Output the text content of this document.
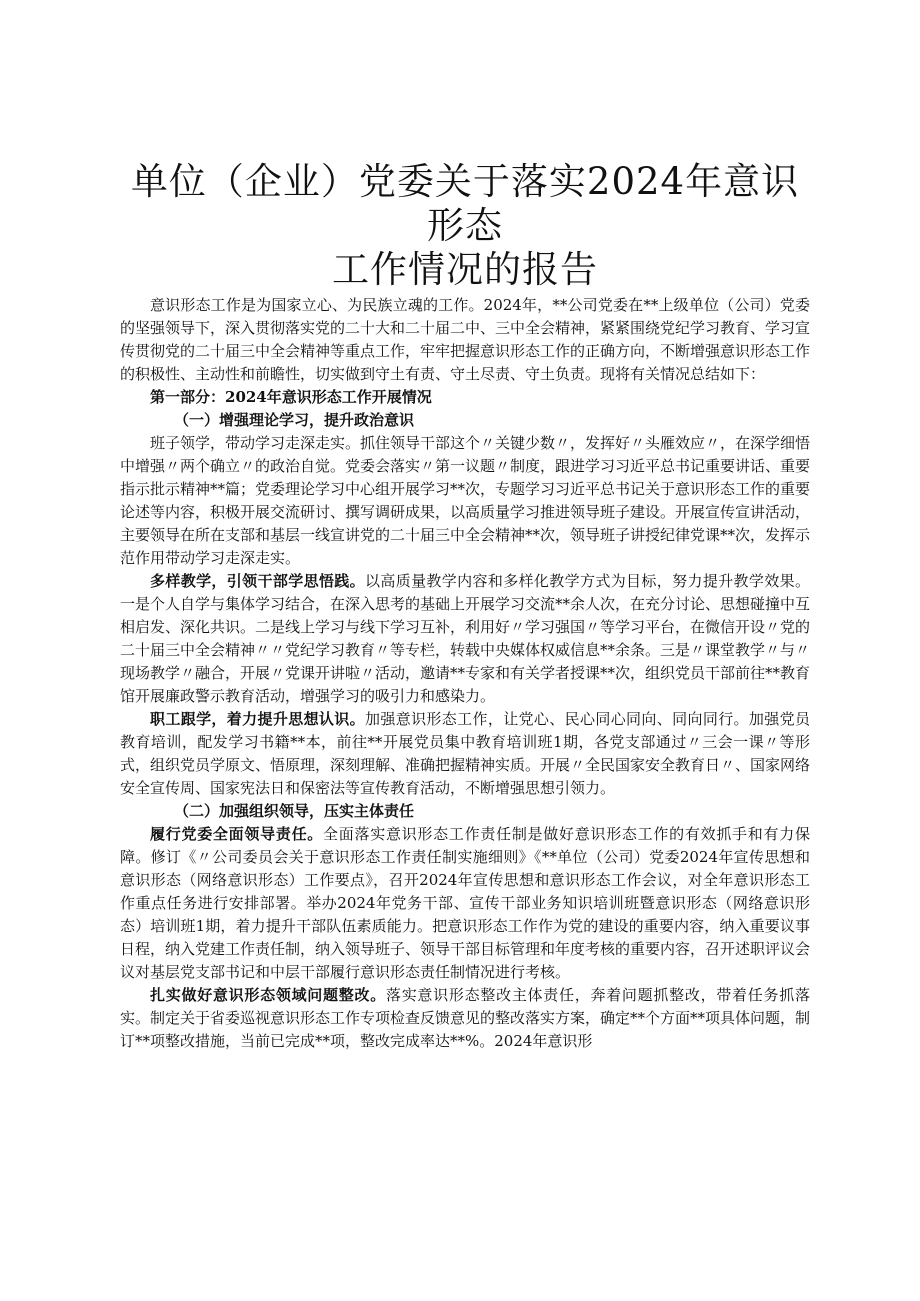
单位（企业）党委关于落实2024年意识形态
工作情况的报告

意识形态工作是为国家立心、为民族立魂的工作。2024年，**公司党委在**上级单位（公司）党委的坚强领导下，深入贯彻落实党的二十大和二十届二中、三中全会精神，紧紧围绕党纪学习教育、学习宣传贯彻党的二十届三中全会精神等重点工作，牢牢把握意识形态工作的正确方向，不断增强意识形态工作的积极性、主动性和前瞻性，切实做到守土有责、守土尽责、守土负责。现将有关情况总结如下：

第一部分：2024年意识形态工作开展情况

（一）增强理论学习，提升政治意识

班子领学，带动学习走深走实。抓住领导干部这个〃关键少数〃，发挥好〃头雁效应〃，在深学细悟中增强〃两个确立〃的政治自觉。党委会落实〃第一议题〃制度，跟进学习习近平总书记重要讲话、重要指示批示精神**篇；党委理论学习中心组开展学习**次，专题学习习近平总书记关于意识形态工作的重要论述等内容，积极开展交流研讨、撰写调研成果，以高质量学习推进领导班子建设。开展宣传宣讲活动，主要领导在所在支部和基层一线宣讲党的二十届三中全会精神**次，领导班子讲授纪律党课**次，发挥示范作用带动学习走深走实。

多样教学，引领干部学思悟践。以高质量教学内容和多样化教学方式为目标，努力提升教学效果。一是个人自学与集体学习结合，在深入思考的基础上开展学习交流**余人次，在充分讨论、思想碰撞中互相启发、深化共识。二是线上学习与线下学习互补，利用好〃学习强国〃等学习平台，在微信开设〃党的二十届三中全会精神〃〃党纪学习教育〃等专栏，转载中央媒体权威信息**余条。三是〃课堂教学〃与〃现场教学〃融合，开展〃党课开讲啦〃活动，邀请**专家和有关学者授课**次，组织党员干部前往**教育馆开展廉政警示教育活动，增强学习的吸引力和感染力。

职工跟学，着力提升思想认识。加强意识形态工作，让党心、民心同心同向、同向同行。加强党员教育培训，配发学习书籍**本，前往**开展党员集中教育培训班1期，各党支部通过〃三会一课〃等形式，组织党员学原文、悟原理，深刻理解、准确把握精神实质。开展〃全民国家安全教育日〃、国家网络安全宣传周、国家宪法日和保密法等宣传教育活动，不断增强思想引领力。

（二）加强组织领导，压实主体责任

履行党委全面领导责任。全面落实意识形态工作责任制是做好意识形态工作的有效抓手和有力保障。修订《〃公司委员会关于意识形态工作责任制实施细则》《**单位（公司）党委2024年宣传思想和意识形态（网络意识形态）工作要点》，召开2024年宣传思想和意识形态工作会议，对全年意识形态工作重点任务进行安排部署。举办2024年党务干部、宣传干部业务知识培训班暨意识形态（网络意识形态）培训班1期，着力提升干部队伍素质能力。把意识形态工作作为党的建设的重要内容，纳入重要议事日程，纳入党建工作责任制，纳入领导班子、领导干部目标管理和年度考核的重要内容，召开述职评议会议对基层党支部书记和中层干部履行意识形态责任制情况进行考核。

扎实做好意识形态领域问题整改。落实意识形态整改主体责任，奔着问题抓整改，带着任务抓落实。制定关于省委巡视意识形态工作专项检查反馈意见的整改落实方案，确定**个方面**项具体问题，制订**项整改措施，当前已完成**项，整改完成率达**%。2024年意识形
